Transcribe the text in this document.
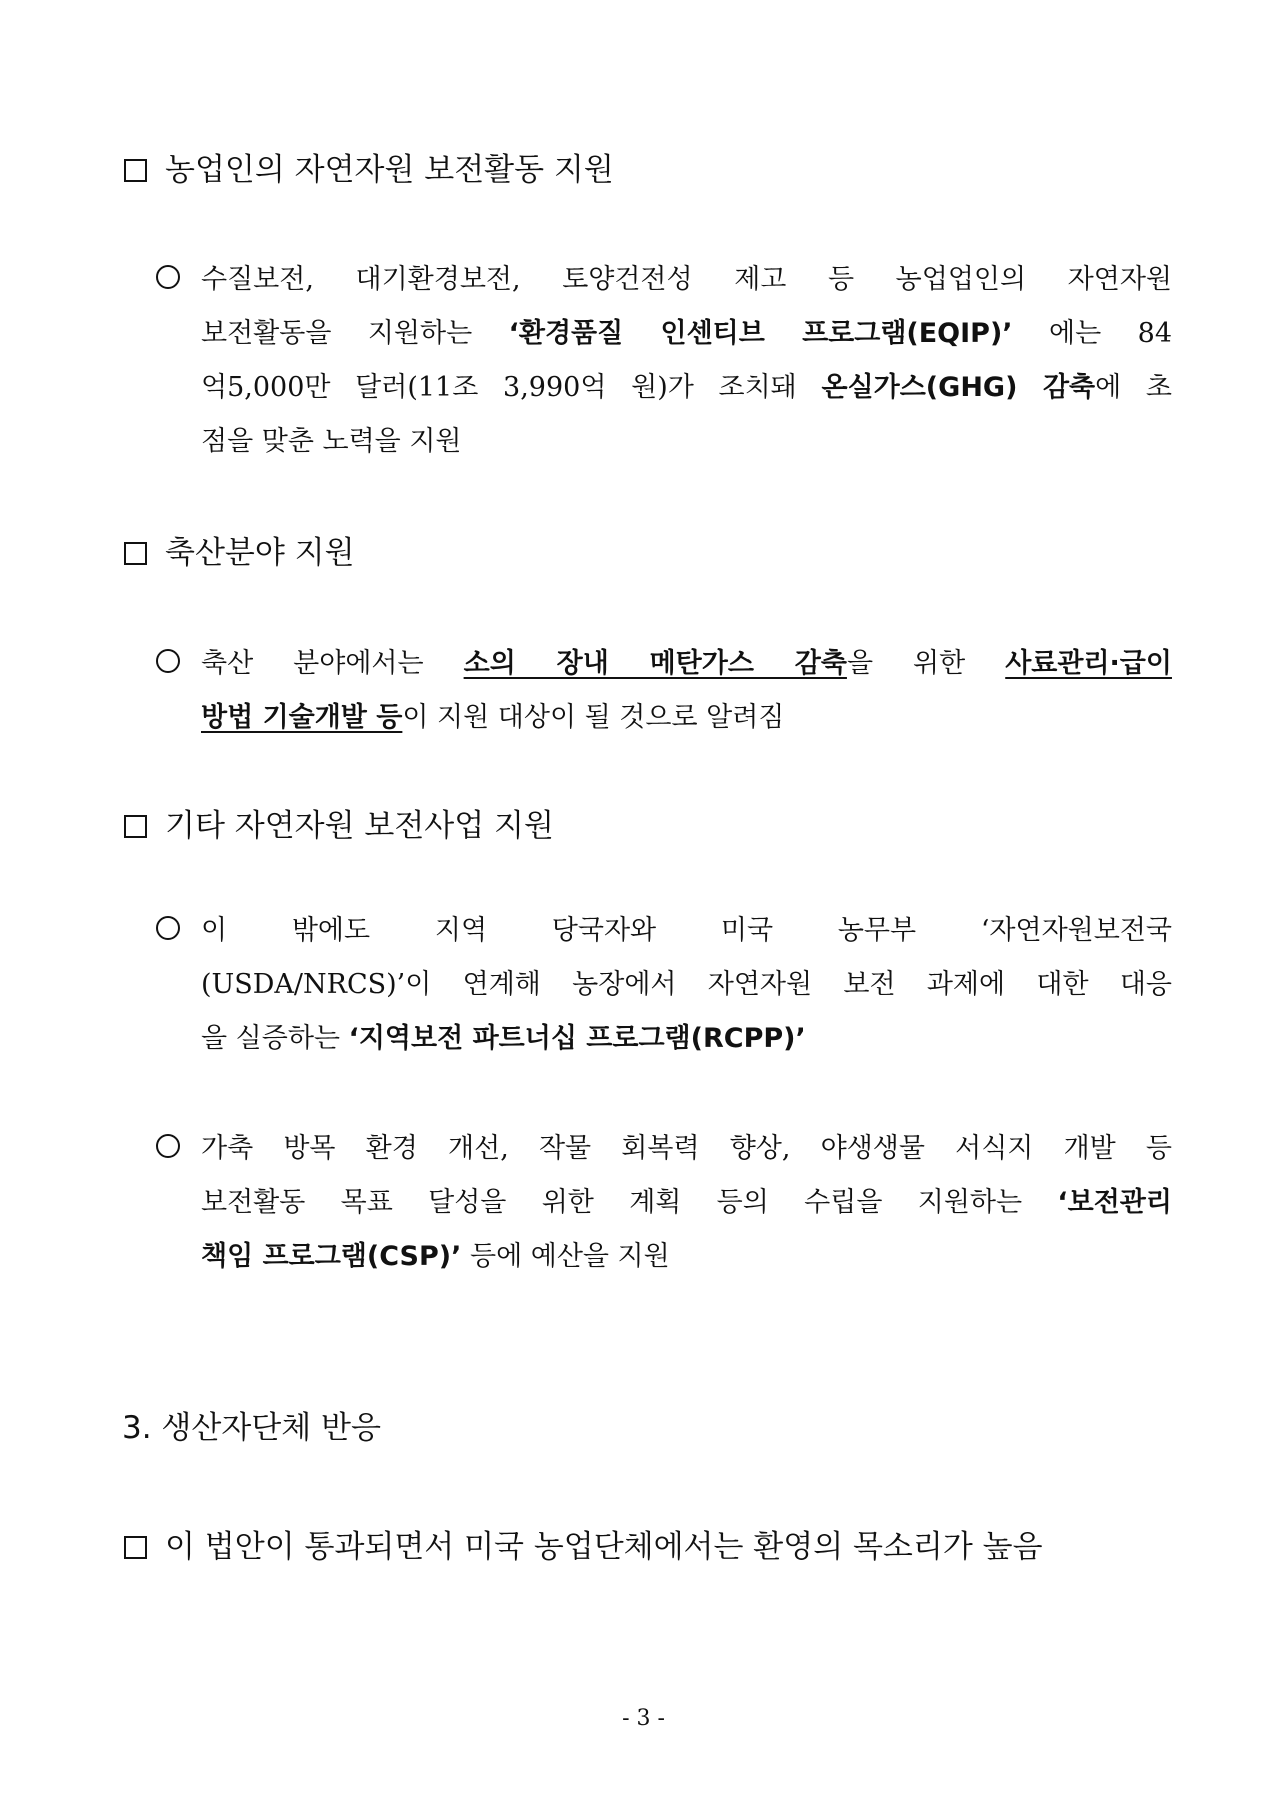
농업인의 자연자원 보전활동 지원
수질보전, 대기환경보전, 토양건전성 제고 등 농업업인의 자연자원
보전활동을 지원하는 ‘환경품질 인센티브 프로그램(EQIP)’ 에는 84
억5,000만 달러(11조 3,990억 원)가 조치돼 온실가스(GHG) 감축에 초
점을 맞춘 노력을 지원
축산분야 지원
축산 분야에서는 소의 장내 메탄가스 감축을 위한 사료관리·급이
방법 기술개발 등이 지원 대상이 될 것으로 알려짐
기타 자연자원 보전사업 지원
이 밖에도 지역 당국자와 미국 농무부 ‘자연자원보전국
(USDA/NRCS)’이 연계해 농장에서 자연자원 보전 과제에 대한 대응
을 실증하는 ‘지역보전 파트너십 프로그램(RCPP)’
가축 방목 환경 개선, 작물 회복력 향상, 야생생물 서식지 개발 등
보전활동 목표 달성을 위한 계획 등의 수립을 지원하는 ‘보전관리
책임 프로그램(CSP)’ 등에 예산을 지원
3. 생산자단체 반응
이 법안이 통과되면서 미국 농업단체에서는 환영의 목소리가 높음
- 3 -
